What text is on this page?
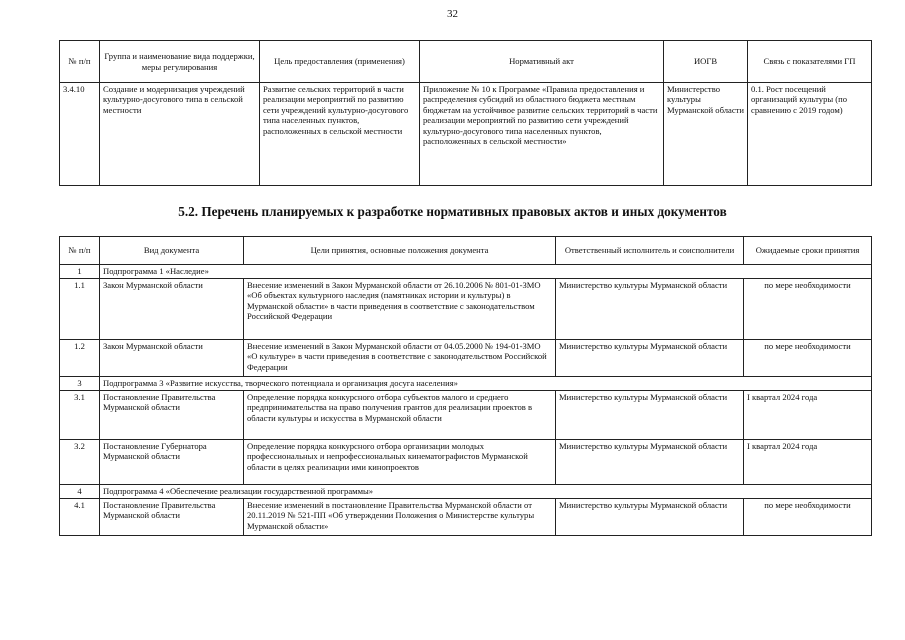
32
№ п/п	Группа и наименование вида поддержки, меры регулирования	Цель предоставления (применения)	Нормативный акт	ИОГВ	Связь с показателями ГП
3.4.10	Создание и модернизация учреждений культурно-досугового типа в сельской местности	Развитие сельских территорий в части реализации мероприятий по развитию сети учреждений культурно-досугового типа населенных пунктов, расположенных в сельской местности	Приложение № 10 к Программе «Правила предоставления и распределения субсидий из областного бюджета местным бюджетам на устойчивое развитие сельских территорий в части реализации мероприятий по развитию сети учреждений культурно-досугового типа населенных пунктов, расположенных в сельской местности»	Министерство культуры Мурманской области	0.1. Рост посещений организаций культуры (по сравнению с 2019 годом)
5.2. Перечень планируемых к разработке нормативных правовых актов и иных документов
№ п/п	Вид документа	Цели принятия, основные положения документа	Ответственный исполнитель и соисполнители	Ожидаемые сроки принятия
1	Подпрограмма 1 «Наследие»			
1.1	Закон Мурманской области	Внесение изменений в Закон Мурманской области от 26.10.2006 № 801-01-ЗМО «Об объектах культурного наследия (памятниках истории и культуры) в Мурманской области» в части приведения в соответствие с законодательством Российской Федерации	Министерство культуры Мурманской области	по мере необходимости
1.2	Закон Мурманской области	Внесение изменений в Закон Мурманской области от 04.05.2000 № 194-01-ЗМО «О культуре» в части приведения в соответствие с законодательством Российской Федерации	Министерство культуры Мурманской области	по мере необходимости
3	Подпрограмма 3 «Развитие искусства, творческого потенциала и организация досуга населения»			
3.1	Постановление Правительства Мурманской области	Определение порядка конкурсного отбора субъектов малого и среднего предпринимательства на право получения грантов для реализации проектов в области культуры и искусства в Мурманской области	Министерство культуры Мурманской области	I квартал 2024 года
3.2	Постановление Губернатора Мурманской области	Определение порядка конкурсного отбора организации молодых профессиональных и непрофессиональных кинематографистов Мурманской области в целях реализации ими кинопроектов	Министерство культуры Мурманской области	I квартал 2024 года
4	Подпрограмма 4 «Обеспечение реализации государственной программы»			
4.1	Постановление Правительства Мурманской области	Внесение изменений в постановление Правительства Мурманской области от 20.11.2019 № 521-ПП «Об утверждении Положения о Министерстве культуры Мурманской области»	Министерство культуры Мурманской области	по мере необходимости
